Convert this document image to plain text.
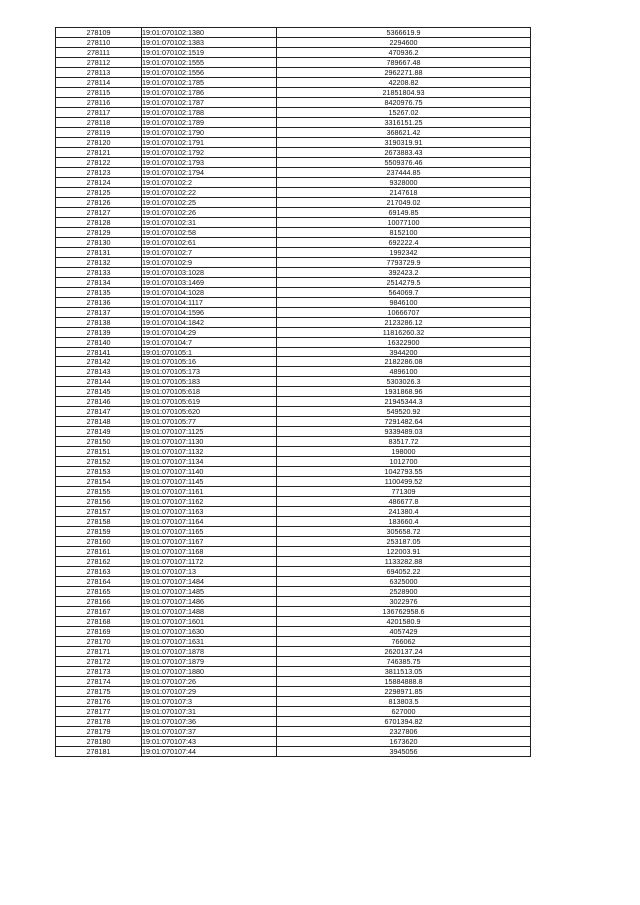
278109	19:01:070102:1380	5366619.9
278110	19:01:070102:1383	2294600
278111	19:01:070102:1519	470936.2
278112	19:01:070102:1555	789667.48
278113	19:01:070102:1556	2962271.88
278114	19:01:070102:1785	42208.82
278115	19:01:070102:1786	21851804.93
278116	19:01:070102:1787	8420976.75
278117	19:01:070102:1788	15267.02
278118	19:01:070102:1789	3316151.25
278119	19:01:070102:1790	368621.42
278120	19:01:070102:1791	3190319.91
278121	19:01:070102:1792	2673883.43
278122	19:01:070102:1793	5509376.46
278123	19:01:070102:1794	237444.85
278124	19:01:070102:2	9328000
278125	19:01:070102:22	2147618
278126	19:01:070102:25	217049.02
278127	19:01:070102:26	69149.85
278128	19:01:070102:31	10077100
278129	19:01:070102:58	8152100
278130	19:01:070102:61	692222.4
278131	19:01:070102:7	1992342
278132	19:01:070102:9	7793729.9
278133	19:01:070103:1028	392423.2
278134	19:01:070103:1469	2514279.5
278135	19:01:070104:1028	564069.7
278136	19:01:070104:1117	9846100
278137	19:01:070104:1596	10666707
278138	19:01:070104:1842	2123286.12
278139	19:01:070104:29	11816260.32
278140	19:01:070104:7	16322900
278141	19:01:070105:1	3944200
278142	19:01:070105:16	2182286.08
278143	19:01:070105:173	4896100
278144	19:01:070105:183	5303026.3
278145	19:01:070105:618	1931868.96
278146	19:01:070105:619	21945344.3
278147	19:01:070105:620	549520.92
278148	19:01:070105:77	7291482.64
278149	19:01:070107:1125	9339489.03
278150	19:01:070107:1130	83517.72
278151	19:01:070107:1132	198000
278152	19:01:070107:1134	1012700
278153	19:01:070107:1140	1042793.55
278154	19:01:070107:1145	1100499.52
278155	19:01:070107:1161	771309
278156	19:01:070107:1162	486677.8
278157	19:01:070107:1163	241380.4
278158	19:01:070107:1164	183660.4
278159	19:01:070107:1165	305658.72
278160	19:01:070107:1167	253187.05
278161	19:01:070107:1168	122003.91
278162	19:01:070107:1172	1133282.88
278163	19:01:070107:13	694052.22
278164	19:01:070107:1484	6325000
278165	19:01:070107:1485	2528900
278166	19:01:070107:1486	3022976
278167	19:01:070107:1488	136762958.6
278168	19:01:070107:1601	4201580.9
278169	19:01:070107:1630	4057429
278170	19:01:070107:1631	766062
278171	19:01:070107:1878	2620137.24
278172	19:01:070107:1879	746385.75
278173	19:01:070107:1880	3811513.05
278174	19:01:070107:26	15884888.8
278175	19:01:070107:29	2298971.85
278176	19:01:070107:3	813803.5
278177	19:01:070107:31	627000
278178	19:01:070107:36	6701394.82
278179	19:01:070107:37	2327806
278180	19:01:070107:43	1673620
278181	19:01:070107:44	3945056
